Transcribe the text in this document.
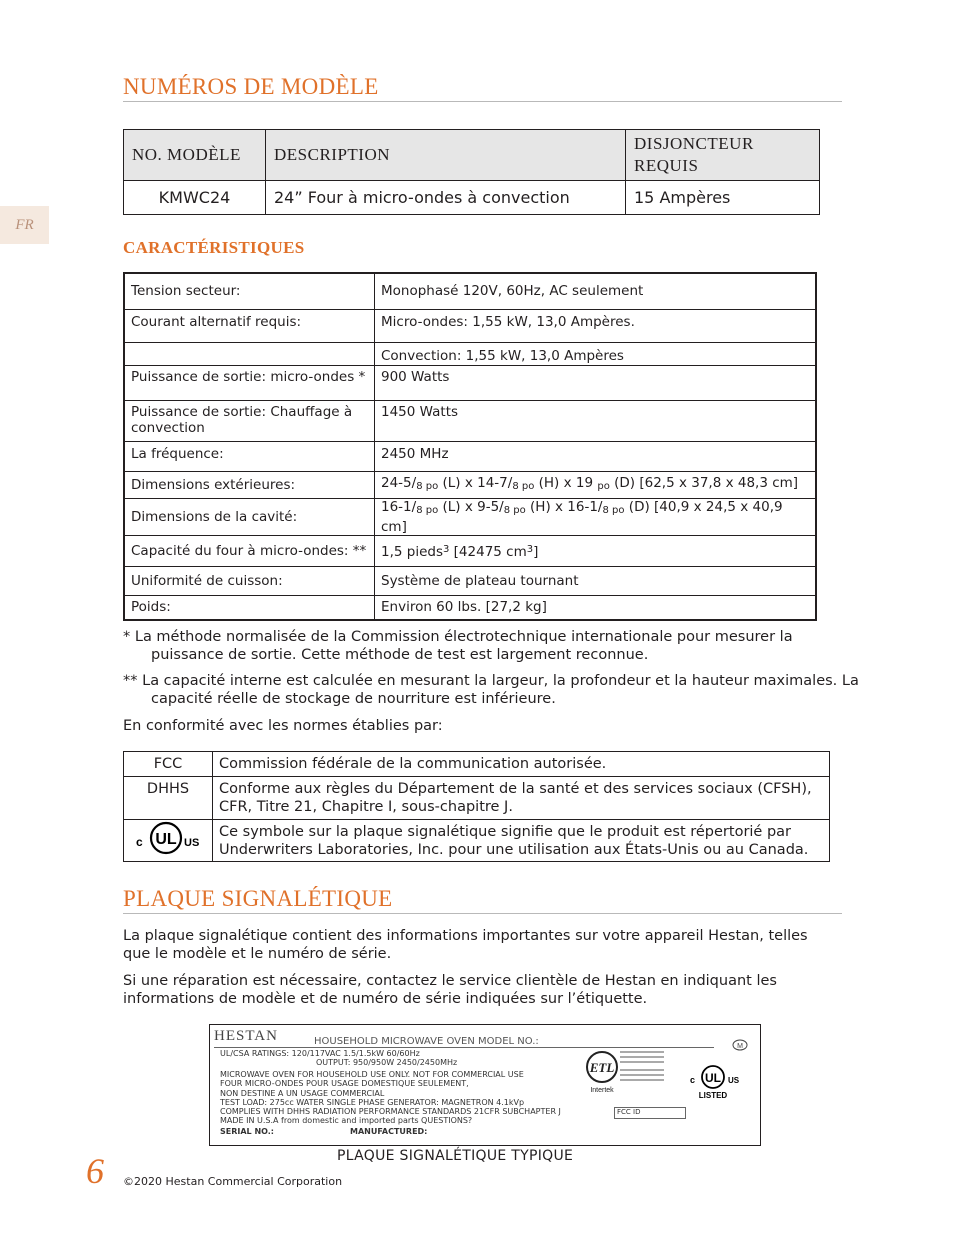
FR
NUMÉROS DE MODÈLE
NO. MODÈLE	DESCRIPTION	DISJONCTEUR REQUIS
KMWC24	24” Four à micro-ondes à convection	15 Ampères
CARACTÉRISTIQUES
Tension secteur:	Monophasé 120V, 60Hz, AC seulement
Courant alternatif requis:	Micro-ondes: 1,55 kW, 13,0 Ampères.
	Convection: 1,55 kW, 13,0 Ampères
Puissance de sortie: micro-ondes *	900 Watts
Puissance de sortie: Chauffage à convection	1450 Watts
La fréquence:	2450 MHz
Dimensions extérieures:	$24-5/_{8 po}$ (L) x $14-7/_{8 po}$ (H) x 19 $_{po}$ (D) [62,5 x 37,8 x 48,3 cm]
Dimensions de la cavité:	$16-1/_{8 po}$ (L) x $9-5/_{8 po}$ (H) x $16-1/_{8 po}$ (D) [40,9 x 24,5 x 40,9 cm]
Capacité du four à micro-ondes: **	1,5 pieds$^3$ [42475 $cm^3$]
Uniformité de cuisson:	Système de plateau tournant
Poids:	Environ 60 lbs. [27,2 kg]
* La méthode normalisée de la Commission électrotechnique internationale pour mesurer la puissance de sortie. Cette méthode de test est largement reconnue.
** La capacité interne est calculée en mesurant la largeur, la profondeur et la hauteur maximales. La capacité réelle de stockage de nourriture est inférieure.
En conformité avec les normes établies par:
FCC	Commission fédérale de la communication autorisée.
DHHS	Conforme aux règles du Département de la santé et des services sociaux (CFSH), CFR, Titre 21, Chapitre I, sous-chapitre J.

c UL US	Ce symbole sur la plaque signalétique signifie que le produit est répertorié par Underwriters Laboratories, Inc. pour une utilisation aux États-Unis ou au Canada.
PLAQUE SIGNALÉTIQUE
La plaque signalétique contient des informations importantes sur votre appareil Hestan, telles que le modèle et le numéro de série.
Si une réparation est nécessaire, contactez le service clientèle de Hestan en indiquant les informations de modèle et de numéro de série indiquées sur l’étiquette.
HESTAN	HOUSEHOLD MICROWAVE OVEN MODEL NO.:
UL/CSA RATINGS: 120/117VAC 1.5/1.5kW 60/60Hz
OUTPUT: 950/950W 2450/2450MHz
MICROWAVE OVEN FOR HOUSEHOLD USE ONLY. NOT FOR COMMERCIAL USE
FOUR MICRO-ONDES POUR USAGE DOMESTIQUE SEULEMENT,
NON DESTINE A UN USAGE COMMERCIAL
TEST LOAD: 275cc WATER SINGLE PHASE GENERATOR: MAGNETRON 4.1kVp
COMPLIES WITH DHHS RADIATION PERFORMANCE STANDARDS 21CFR SUBCHAPTER J
MADE IN U.S.A from domestic and imported parts QUESTIONS?
SERIAL NO.:	MANUFACTURED:
FCC ID
ETL
Intertek
c UL US
LISTED
M
PLAQUE SIGNALÉTIQUE TYPIQUE
6 ©2020 Hestan Commercial Corporation
